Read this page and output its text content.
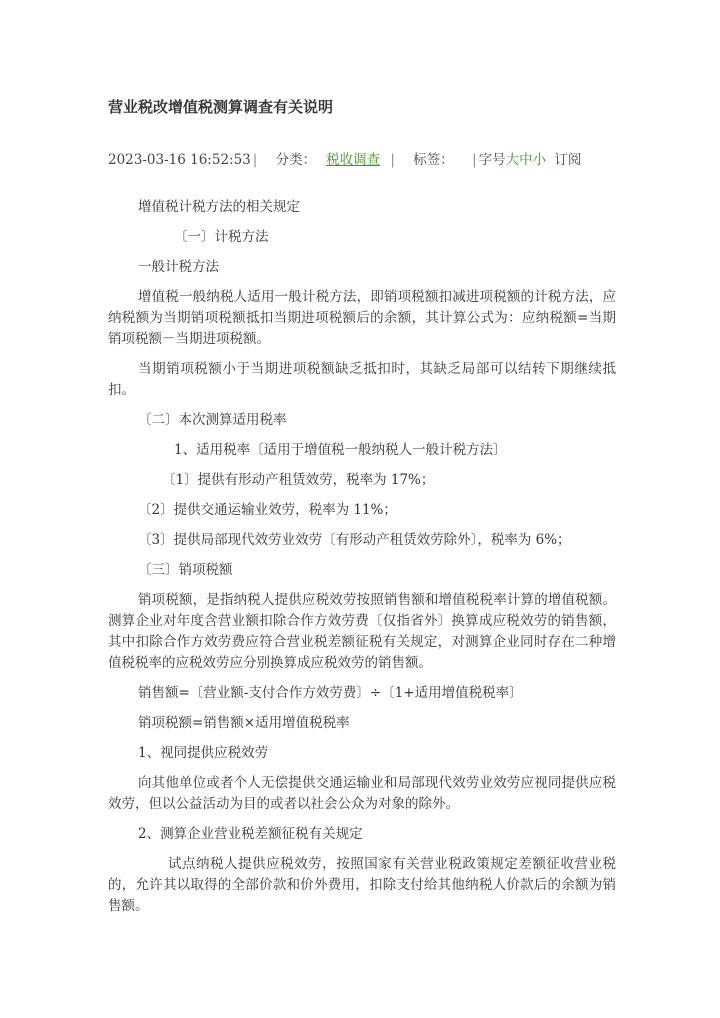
营业税改增值税测算调查有关说明
2023-03-16 16:52:53 | 分类： 税收调查 | 标签： | 字号大中小 订阅

增值税计税方法的相关规定

〔一〕计税方法

一般计税方法

增值税一般纳税人适用一般计税方法，即销项税额扣减进项税额的计税方法，应纳税额为当期销项税额抵扣当期进项税额后的余额，其计算公式为：应纳税额=当期销项税额－当期进项税额。

当期销项税额小于当期进项税额缺乏抵扣时，其缺乏局部可以结转下期继续抵扣。

〔二〕本次测算适用税率

1、适用税率〔适用于增值税一般纳税人一般计税方法〕

〔1〕提供有形动产租赁效劳，税率为 17%；

〔2〕提供交通运输业效劳，税率为 11%；

〔3〕提供局部现代效劳业效劳〔有形动产租赁效劳除外〕，税率为 6%；

〔三〕销项税额

销项税额，是指纳税人提供应税效劳按照销售额和增值税税率计算的增值税额。测算企业对年度含营业额扣除合作方效劳费〔仅指省外〕换算成应税效劳的销售额，其中扣除合作方效劳费应符合营业税差额征税有关规定，对测算企业同时存在二种增值税税率的应税效劳应分别换算成应税效劳的销售额。

销售额=〔营业额-支付合作方效劳费〕÷〔1+适用增值税税率〕

销项税额=销售额×适用增值税税率

1、视同提供应税效劳

向其他单位或者个人无偿提供交通运输业和局部现代效劳业效劳应视同提供应税效劳，但以公益活动为目的或者以社会公众为对象的除外。

2、测算企业营业税差额征税有关规定

试点纳税人提供应税效劳，按照国家有关营业税政策规定差额征收营业税的，允许其以取得的全部价款和价外费用，扣除支付给其他纳税人价款后的余额为销售额。
